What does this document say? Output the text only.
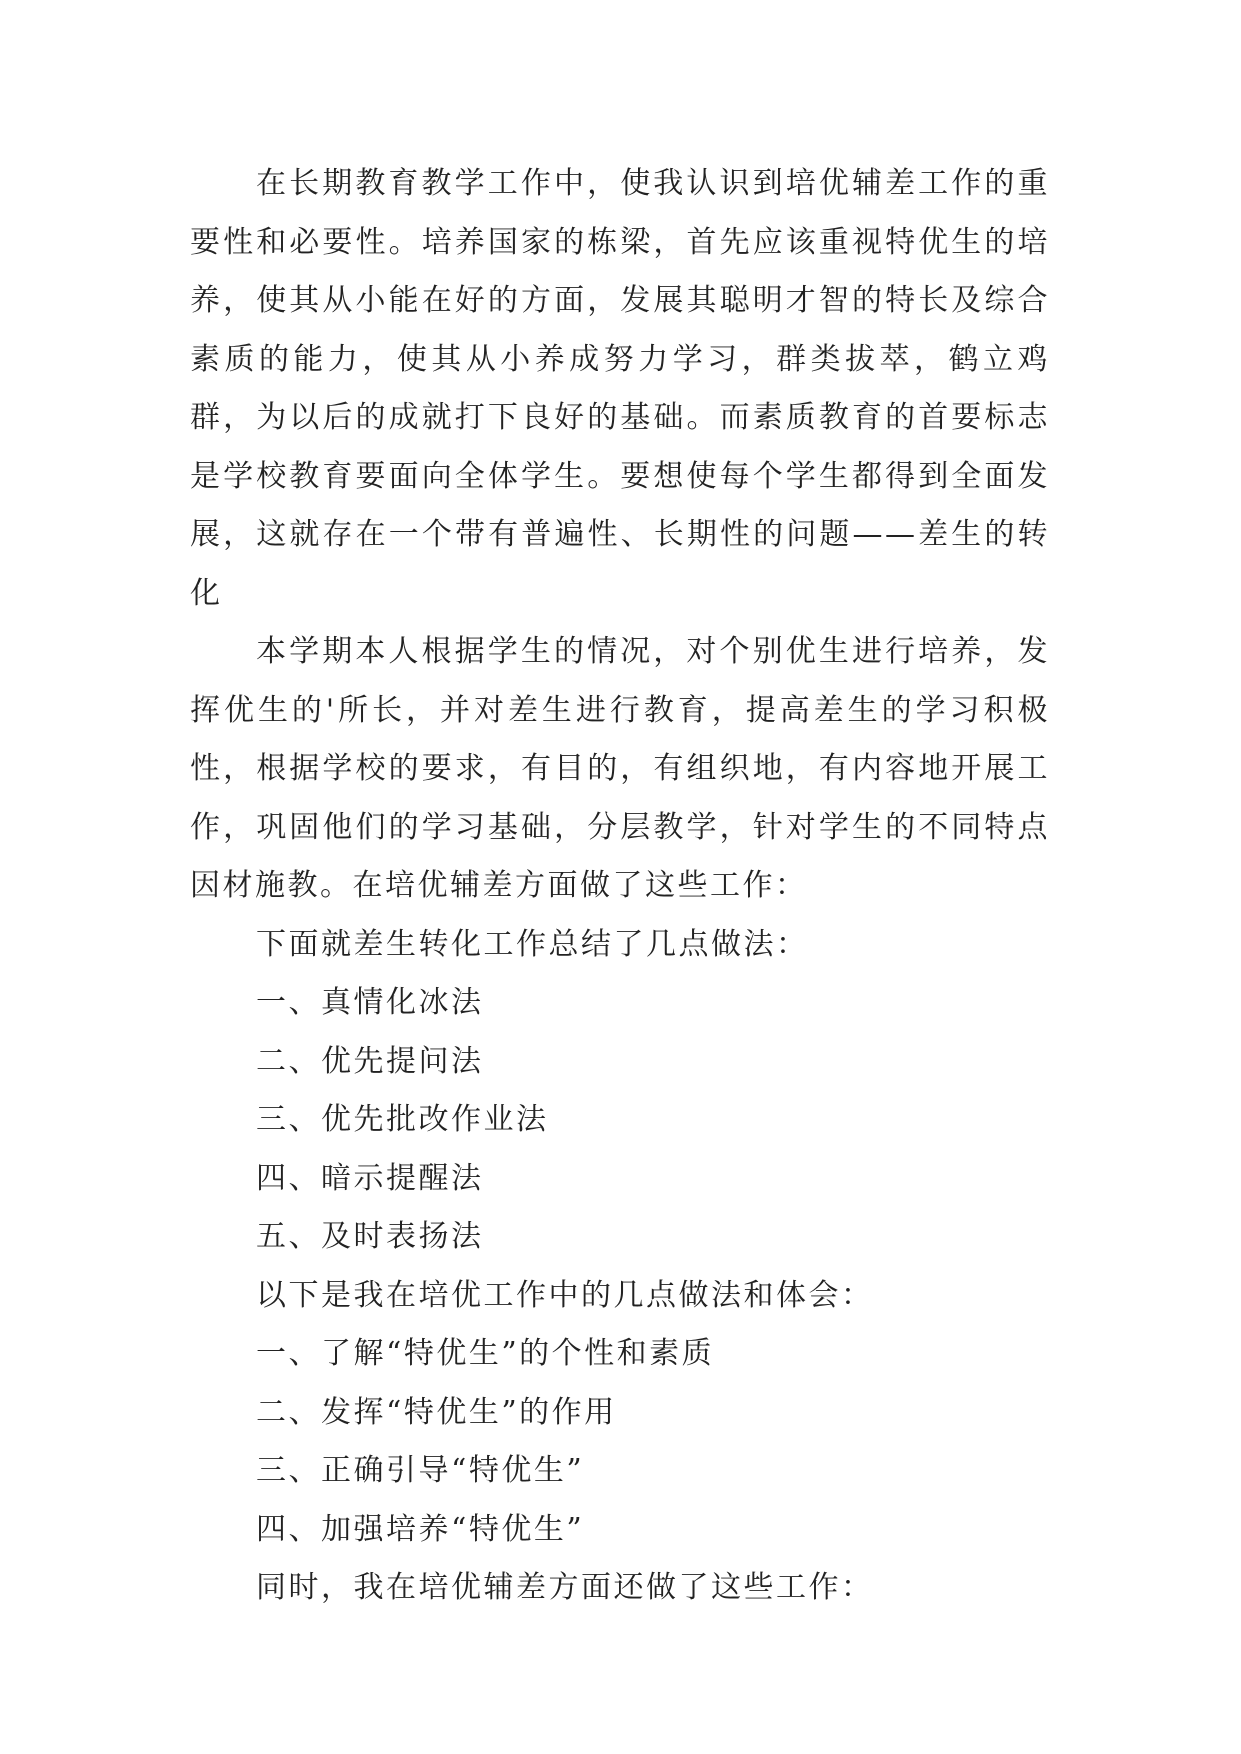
在长期教育教学工作中，使我认识到培优辅差工作的重要性和必要性。培养国家的栋梁，首先应该重视特优生的培养，使其从小能在好的方面，发展其聪明才智的特长及综合素质的能力，使其从小养成努力学习，群类拔萃，鹤立鸡群，为以后的成就打下良好的基础。而素质教育的首要标志是学校教育要面向全体学生。要想使每个学生都得到全面发展，这就存在一个带有普遍性、长期性的问题——差生的转化

本学期本人根据学生的情况，对个别优生进行培养，发挥优生的'所长，并对差生进行教育，提高差生的学习积极性，根据学校的要求，有目的，有组织地，有内容地开展工作，巩固他们的学习基础，分层教学，针对学生的不同特点因材施教。在培优辅差方面做了这些工作：

下面就差生转化工作总结了几点做法：

一、真情化冰法

二、优先提问法

三、优先批改作业法

四、暗示提醒法

五、及时表扬法

以下是我在培优工作中的几点做法和体会：

一、了解“特优生”的个性和素质

二、发挥“特优生”的作用

三、正确引导“特优生”

四、加强培养“特优生”

同时，我在培优辅差方面还做了这些工作：
